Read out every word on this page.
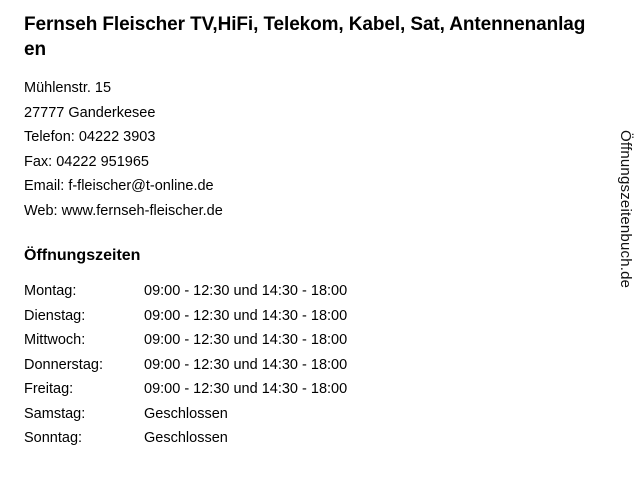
Fernseh Fleischer TV,HiFi, Telekom, Kabel, Sat, Antennenanlagen
Mühlenstr. 15
27777 Ganderkesee
Telefon: 04222 3903
Fax: 04222 951965
Email: f-fleischer@t-online.de
Web: www.fernseh-fleischer.de
Öffnungszeiten
Montag:	09:00 - 12:30 und 14:30 - 18:00
Dienstag:	09:00 - 12:30 und 14:30 - 18:00
Mittwoch:	09:00 - 12:30 und 14:30 - 18:00
Donnerstag:	09:00 - 12:30 und 14:30 - 18:00
Freitag:	09:00 - 12:30 und 14:30 - 18:00
Samstag:	Geschlossen
Sonntag:	Geschlossen
Öffnungszeitenbuch.de
